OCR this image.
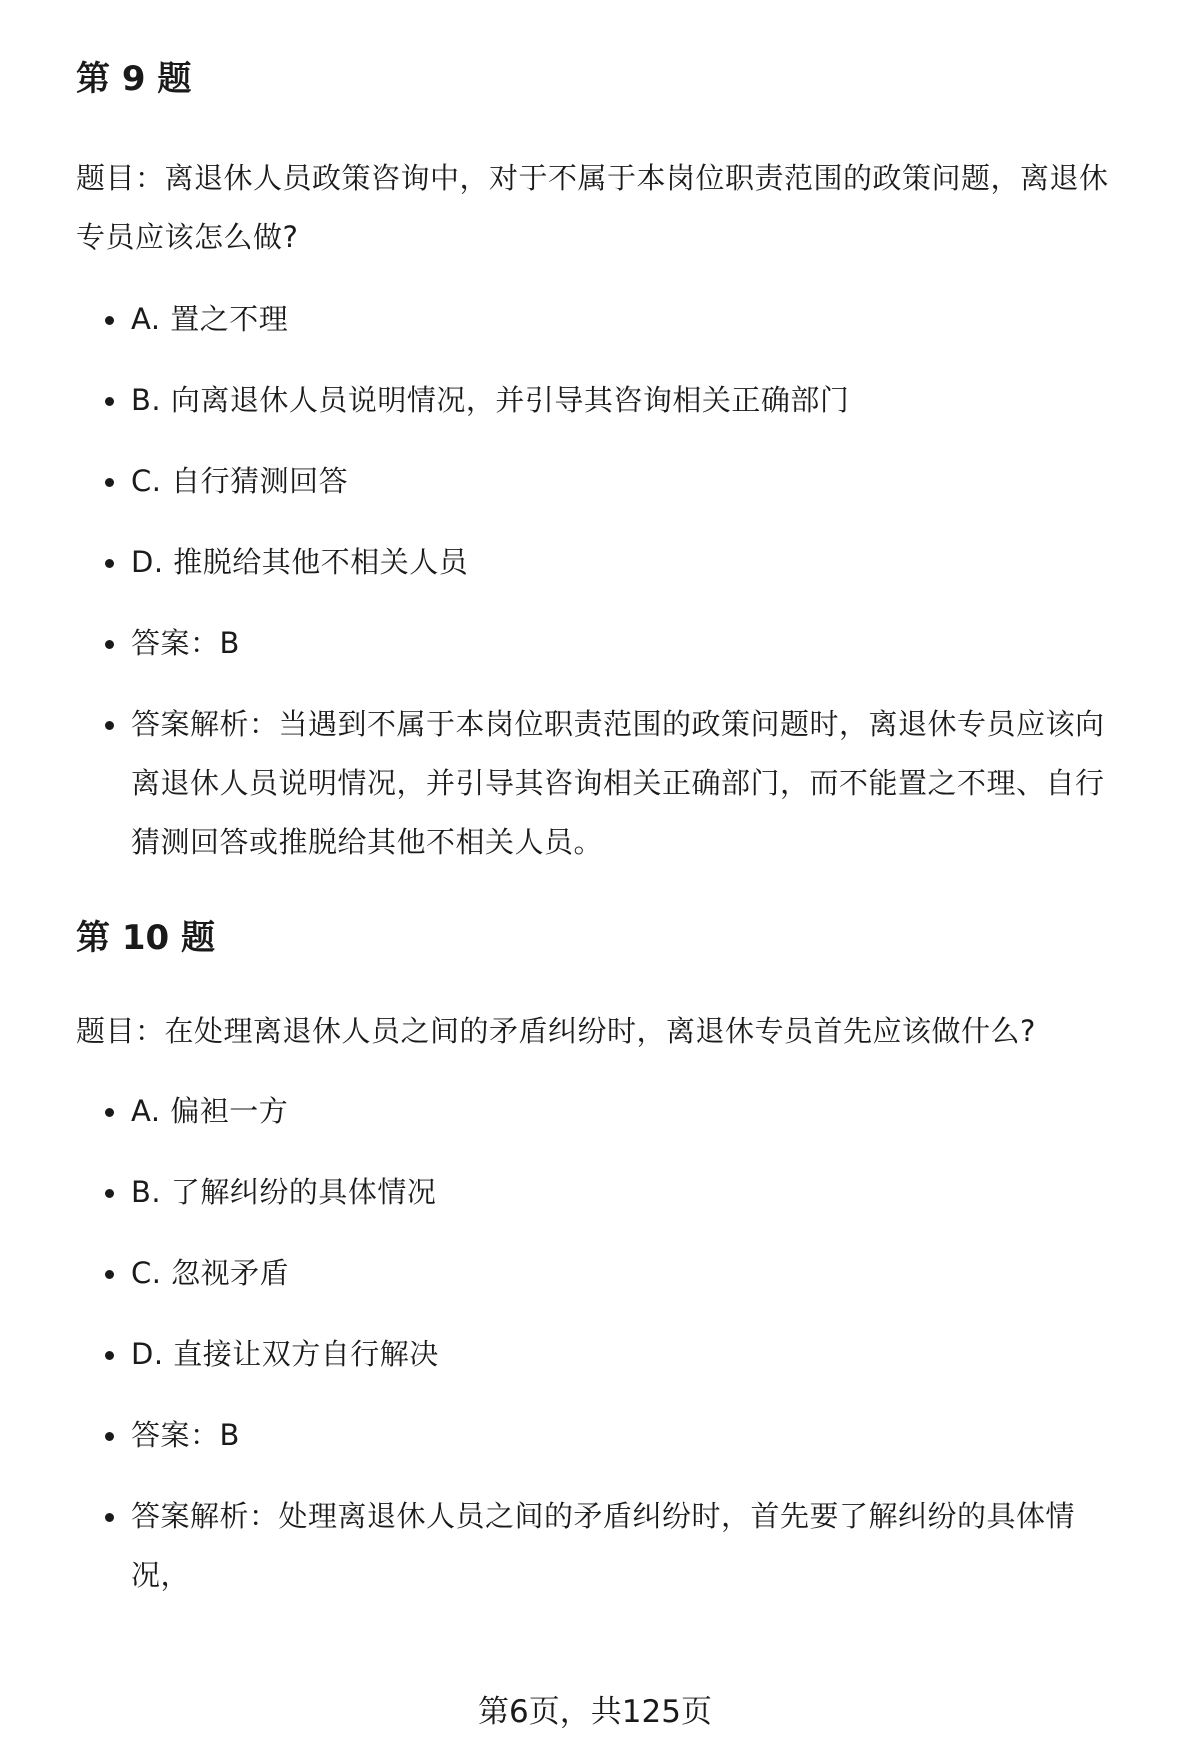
第 9 题

题目：离退休人员政策咨询中，对于不属于本岗位职责范围的政策问题，离退休专员应该怎么做?

A. 置之不理
B. 向离退休人员说明情况，并引导其咨询相关正确部门
C. 自行猜测回答
D. 推脱给其他不相关人员
答案：B
答案解析：当遇到不属于本岗位职责范围的政策问题时，离退休专员应该向离退休人员说明情况，并引导其咨询相关正确部门，而不能置之不理、自行猜测回答或推脱给其他不相关人员。
第 10 题

题目：在处理离退休人员之间的矛盾纠纷时，离退休专员首先应该做什么?

A. 偏袒一方
B. 了解纠纷的具体情况
C. 忽视矛盾
D. 直接让双方自行解决
答案：B
答案解析：处理离退休人员之间的矛盾纠纷时，首先要了解纠纷的具体情况，
第6页，共125页
